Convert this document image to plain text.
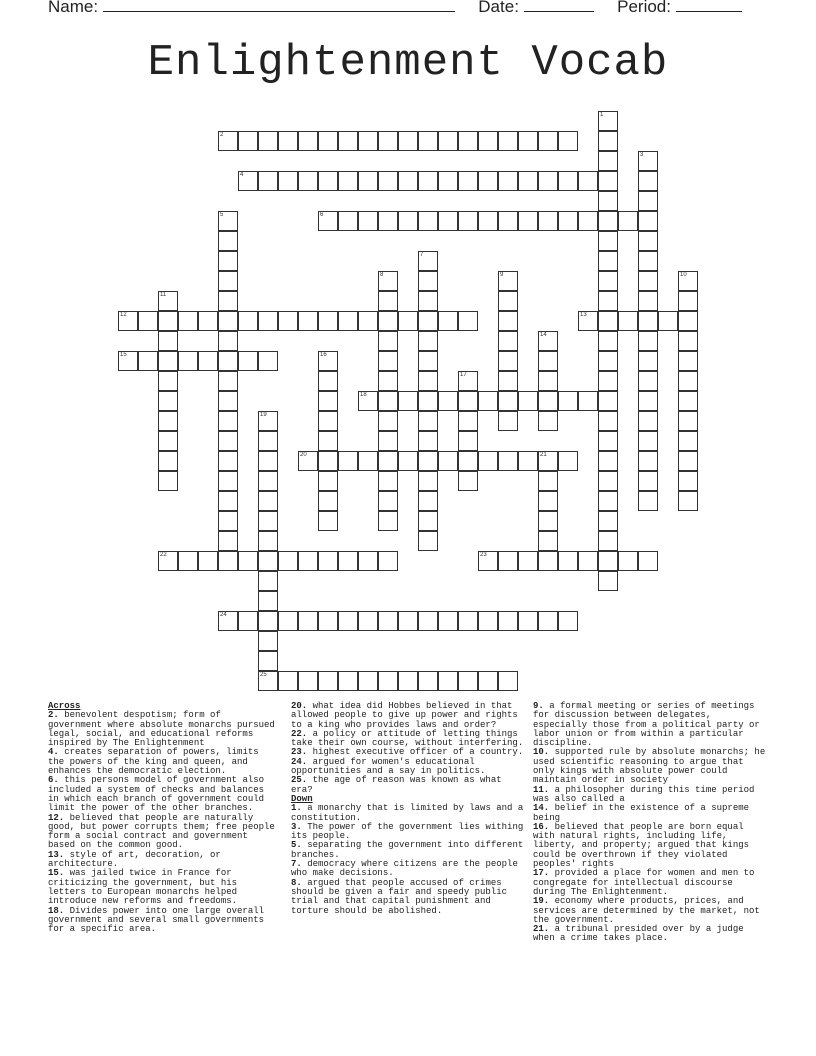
Name:	Date:	Period:
Enlightenment Vocab
1
2
3
4
5	6
7
8	9	10
11
12	13
14
15	16
17
18
19
25
20	21
22	23
24
Across
2. benevolent despotism; form of government where absolute monarchs pursued legal, social, and educational reforms inspired by The Enlightenment
4. creates separation of powers, limits the powers of the king and queen, and enhances the democratic election.
6. this persons model of government also included a system of checks and balances in which each branch of government could limit the power of the other branches.
12. believed that people are naturally good, but power corrupts them; free people form a social contract and government based on the common good.
13. style of art, decoration, or architecture.
15. was jailed twice in France for criticizing the government, but his letters to European monarchs helped introduce new reforms and freedoms.
18. Divides power into one large overall government and several small governments for a specific area.
20. what idea did Hobbes believed in that allowed people to give up power and rights to a king who provides laws and order?
22. a policy or attitude of letting things take their own course, without interfering.
23. highest executive officer of a country.
24. argued for women's educational opportunities and a say in politics.
25. the age of reason was known as what era?
Down
1. a monarchy that is limited by laws and a constitution.
3. The power of the government lies withing its people.
5. separating the government into different branches.
7. democracy where citizens are the people who make decisions.
8. argued that people accused of crimes should be given a fair and speedy public trial and that capital punishment and torture should be abolished.
9. a formal meeting or series of meetings for discussion between delegates, especially those from a political party or labor union or from within a particular discipline.
10. supported rule by absolute monarchs; he used scientific reasoning to argue that only kings with absolute power could maintain order in society
11. a philosopher during this time period was also called a
14. belief in the existence of a supreme being
16. believed that people are born equal with natural rights, including life, liberty, and property; argued that kings could be overthrown if they violated peoples' rights
17. provided a place for women and men to congregate for intellectual discourse during The Enlightenment.
19. economy where products, prices, and services are determined by the market, not the government.
21. a tribunal presided over by a judge when a crime takes place.
